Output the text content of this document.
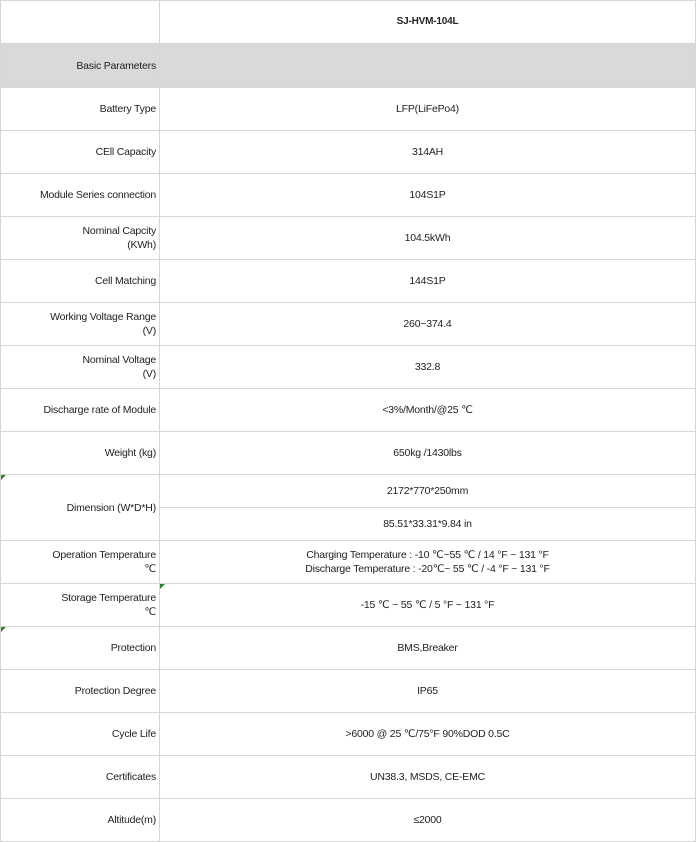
	SJ-HVM-104L
Basic Parameters	
Battery Type	LFP(LiFePo4)
CEll Capacity	314AH
Module Series connection	104S1P

Nominal Capcity
(KWh)	104.5kWh
Cell Matching	144S1P

Working Voltage Range
(V)	260~374.4

Nominal Voltage
(V)	332.8
Discharge rate of Module	<3%/Month/@25 ℃
Weight (kg)	650kg /1430lbs
Dimension (W*D*H)	2172*770*250mm
	85.51*33.31*9.84 in

Operation Temperature
℃	Charging Temperature : -10 ℃~55 ℃ / 14 °F ~ 131 °F
Discharge Temperature : -20℃~ 55 ℃ / -4 °F ~ 131 °F

Storage Temperature
℃	-15 ℃ ~ 55 ℃ / 5 °F ~ 131 °F
Protection	BMS,Breaker
Protection Degree	IP65
Cycle Life	>6000 @ 25 ℃/75°F 90%DOD 0.5C
Certificates	UN38.3, MSDS, CE-EMC
Altitude(m)	≤2000
